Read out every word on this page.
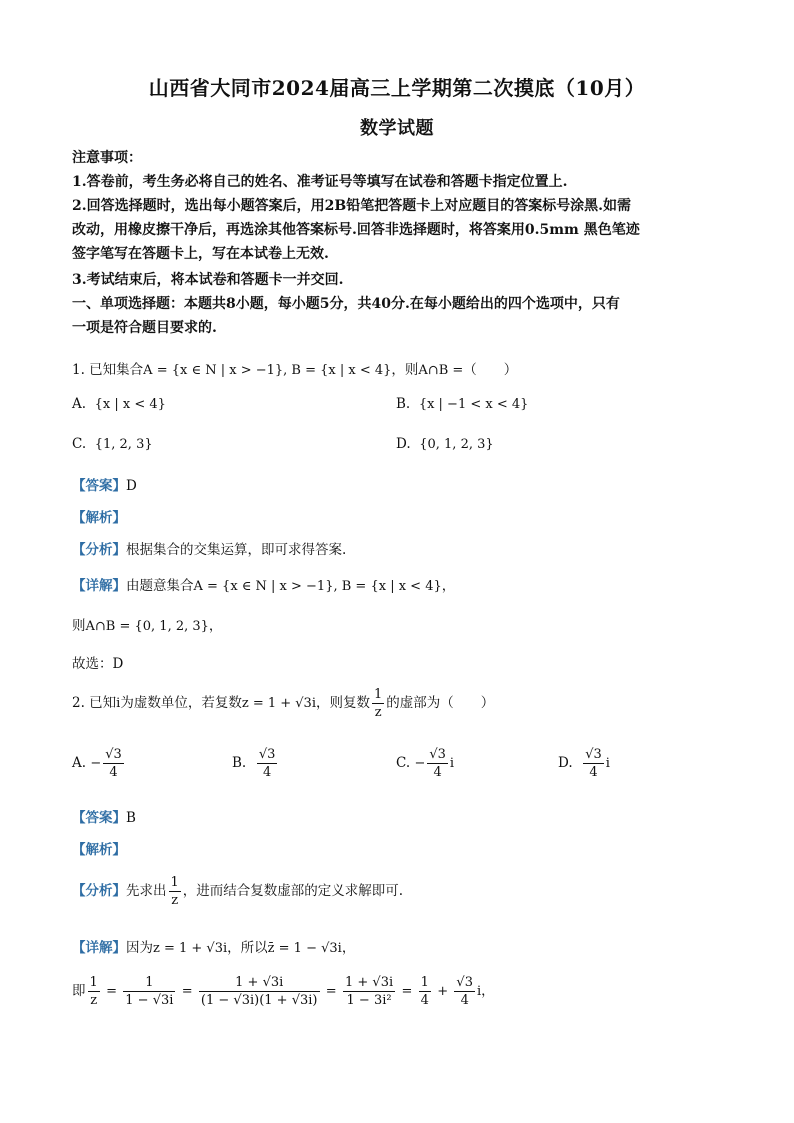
山西省大同市2024届高三上学期第二次摸底（10月）
数学试题
注意事项：
1.答卷前，考生务必将自己的姓名、准考证号等填写在试卷和答题卡指定位置上.
2.回答选择题时，选出每小题答案后，用2B铅笔把答题卡上对应题目的答案标号涂黑.如需
改动，用橡皮擦干净后，再选涂其他答案标号.回答非选择题时，将答案用0.5mm 黑色笔迹
签字笔写在答题卡上，写在本试卷上无效.
3.考试结束后，将本试卷和答题卡一并交回.
一、单项选择题：本题共8小题，每小题5分，共40分.在每小题给出的四个选项中，只有
一项是符合题目要求的.
1. 已知集合A = {x ∈ N | x > −1}, B = {x | x < 4}，则A∩B =（　　）
A. {x | x < 4}	B. {x | −1 < x < 4}
C. {1, 2, 3}	D. {0, 1, 2, 3}
【答案】D
【解析】
【分析】根据集合的交集运算，即可求得答案.
【详解】由题意集合A = {x ∈ N | x > −1}, B = {x | x < 4}，
则A∩B = {0, 1, 2, 3}，
故选：D
2. 已知i为虚数单位，若复数z = 1 + √3i，则复数 $\frac{1}{z}$ 的虚部为（　　）
A. − $\frac{√3}{4}$	B. $\frac{√3}{4}$	C. − $\frac{√3}{4}$ i	D. $\frac{√3}{4}$ i
【答案】B
【解析】
【分析】先求出 $\frac{1}{z}$ ，进而结合复数虚部的定义求解即可.
【详解】因为z = 1 + √3i，所以z̄ = 1 − √3i，
即 $\frac{1}{z} = \frac{1}{1 - √3i} = \frac{1 + √3i}{(1 - √3i)(1 + √3i)} = \frac{1 + √3i}{\text{1 − 3i²}} = \frac{1}{4} + \frac{√3}{4}$ i，
